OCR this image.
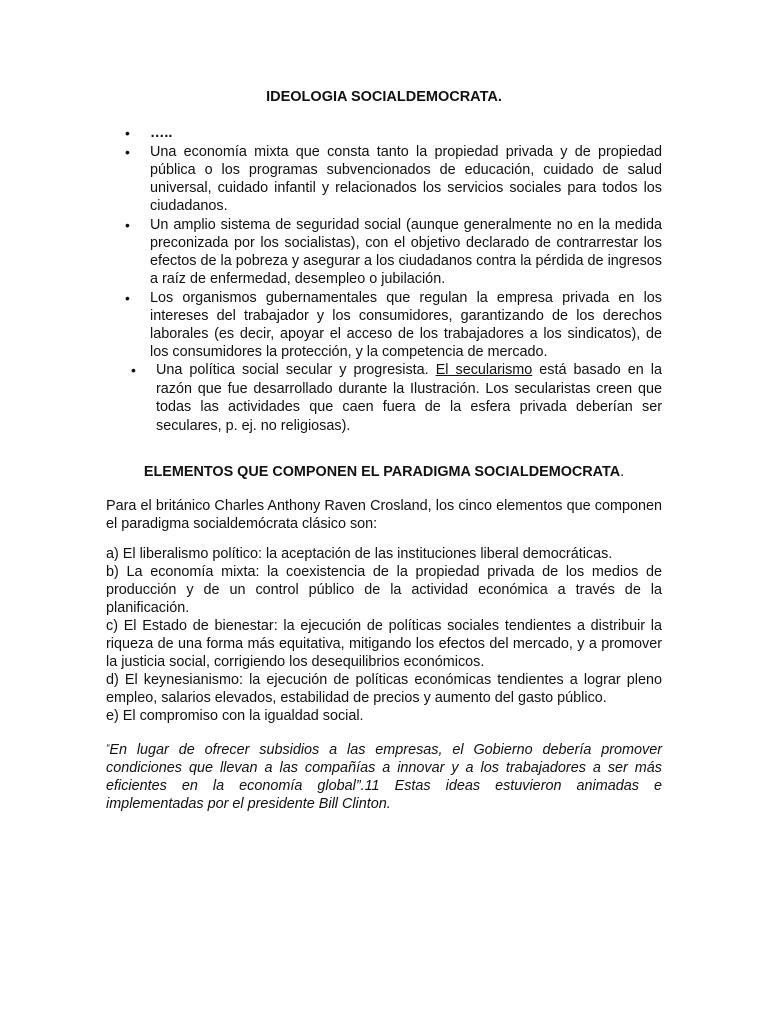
IDEOLOGIA SOCIALDEMOCRATA.
• …..
• Una economía mixta que consta tanto la propiedad privada y de propiedad pública o los programas subvencionados de educación, cuidado de salud universal, cuidado infantil y relacionados los servicios sociales para todos los ciudadanos.
• Un amplio sistema de seguridad social (aunque generalmente no en la medida preconizada por los socialistas), con el objetivo declarado de contrarrestar los efectos de la pobreza y asegurar a los ciudadanos contra la pérdida de ingresos a raíz de enfermedad, desempleo o jubilación.
• Los organismos gubernamentales que regulan la empresa privada en los intereses del trabajador y los consumidores, garantizando de los derechos laborales (es decir, apoyar el acceso de los trabajadores a los sindicatos), de los consumidores la protección, y la competencia de mercado.
• Una política social secular y progresista. El secularismo está basado en la razón que fue desarrollado durante la Ilustración. Los secularistas creen que todas las actividades que caen fuera de la esfera privada deberían ser seculares, p. ej. no religiosas).
ELEMENTOS QUE COMPONEN EL PARADIGMA SOCIALDEMOCRATA.

Para el británico Charles Anthony Raven Crosland, los cinco elementos que componen el paradigma socialdemócrata clásico son:

a) El liberalismo político: la aceptación de las instituciones liberal democráticas.
b) La economía mixta: la coexistencia de la propiedad privada de los medios de producción y de un control público de la actividad económica a través de la planificación.
c) El Estado de bienestar: la ejecución de políticas sociales tendientes a distribuir la riqueza de una forma más equitativa, mitigando los efectos del mercado, y a promover la justicia social, corrigiendo los desequilibrios económicos.
d) El keynesianismo: la ejecución de políticas económicas tendientes a lograr pleno empleo, salarios elevados, estabilidad de precios y aumento del gasto público.
e) El compromiso con la igualdad social.

“En lugar de ofrecer subsidios a las empresas, el Gobierno debería promover condiciones que llevan a las compañías a innovar y a los trabajadores a ser más eficientes en la economía global”.11 Estas ideas estuvieron animadas e implementadas por el presidente Bill Clinton.
